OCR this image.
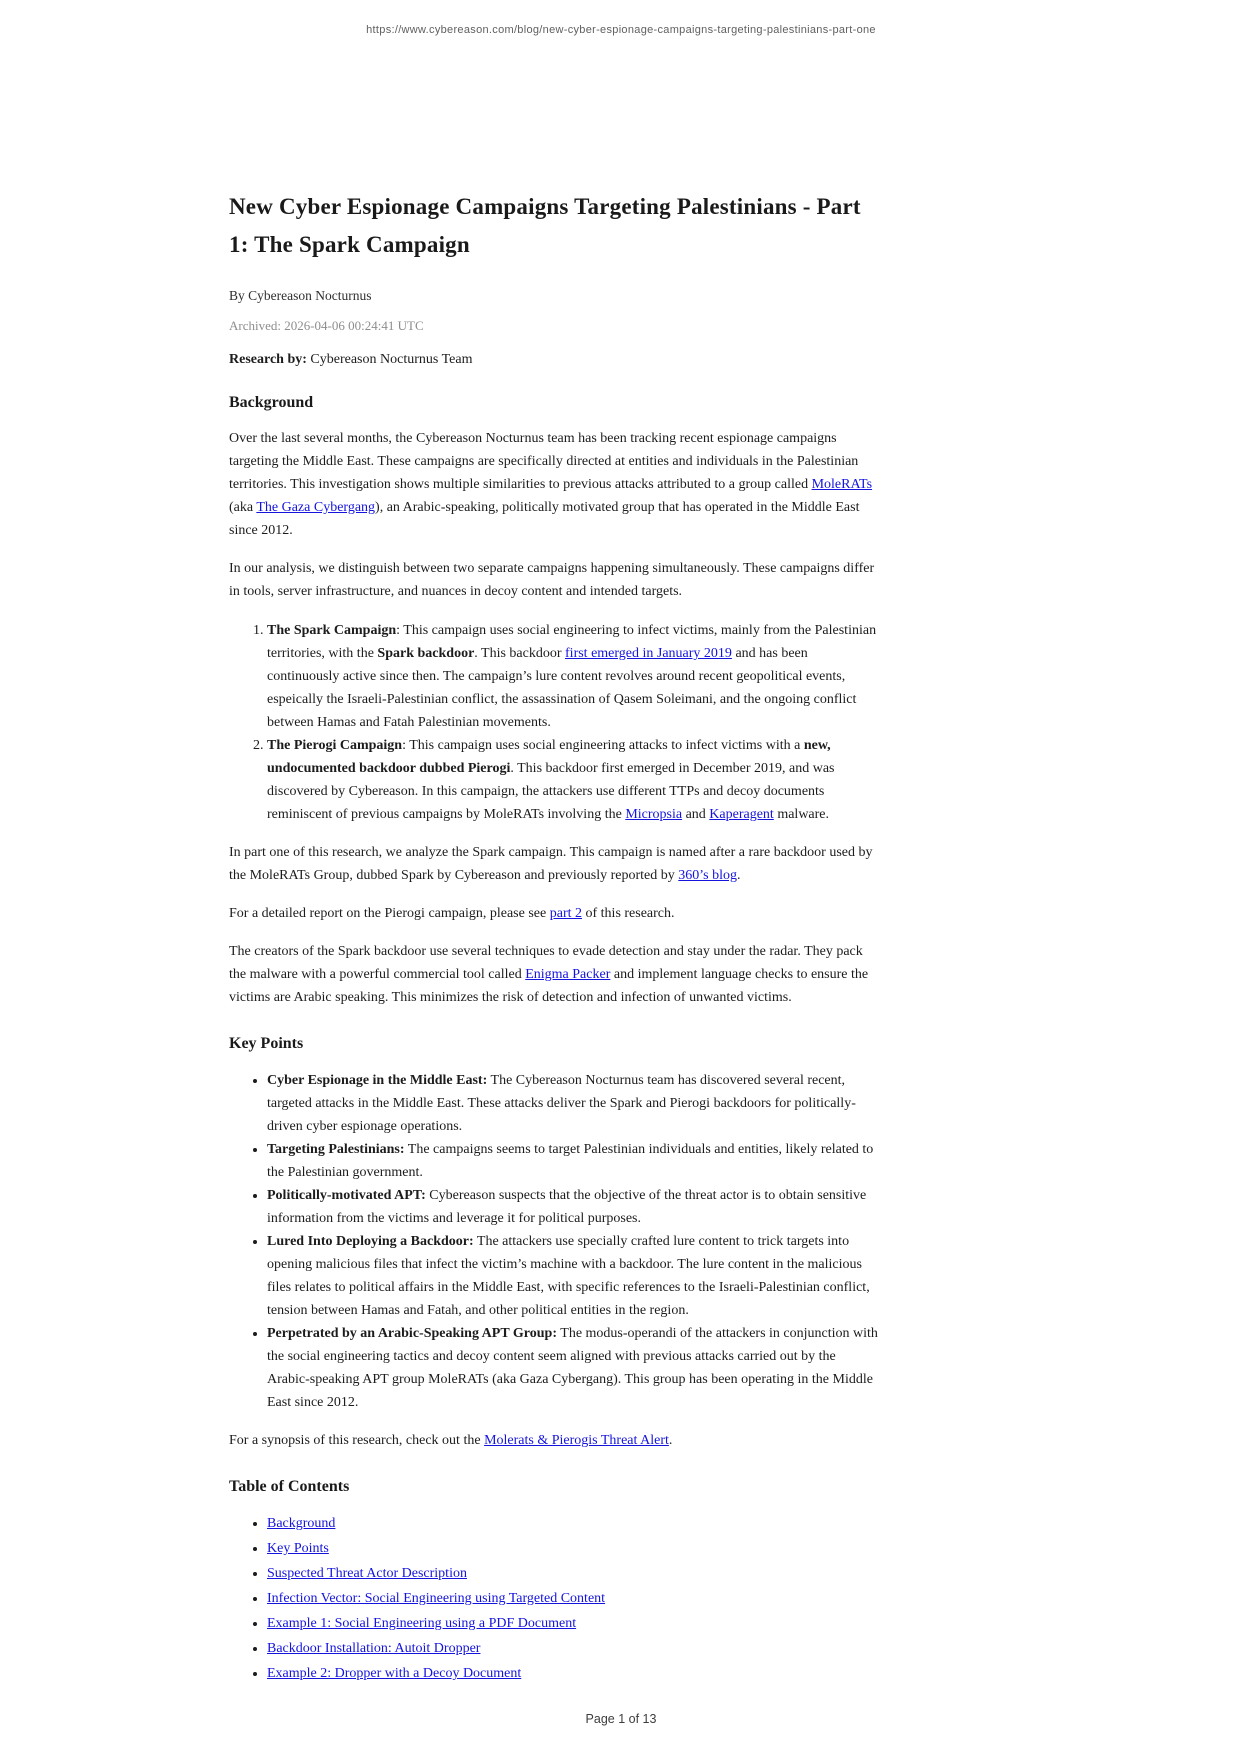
https://www.cybereason.com/blog/new-cyber-espionage-campaigns-targeting-palestinians-part-one
New Cyber Espionage Campaigns Targeting Palestinians - Part 1: The Spark Campaign
By Cybereason Nocturnus
Archived: 2026-04-06 00:24:41 UTC
Research by: Cybereason Nocturnus Team
Background

Over the last several months, the Cybereason Nocturnus team has been tracking recent espionage campaigns targeting the Middle East. These campaigns are specifically directed at entities and individuals in the Palestinian territories. This investigation shows multiple similarities to previous attacks attributed to a group called MoleRATs (aka The Gaza Cybergang), an Arabic-speaking, politically motivated group that has operated in the Middle East since 2012.

In our analysis, we distinguish between two separate campaigns happening simultaneously. These campaigns differ in tools, server infrastructure, and nuances in decoy content and intended targets.

1. The Spark Campaign: This campaign uses social engineering to infect victims, mainly from the Palestinian territories, with the Spark backdoor. This backdoor first emerged in January 2019 and has been continuously active since then. The campaign’s lure content revolves around recent geopolitical events, espeically the Israeli-Palestinian conflict, the assassination of Qasem Soleimani, and the ongoing conflict between Hamas and Fatah Palestinian movements.
2. The Pierogi Campaign: This campaign uses social engineering attacks to infect victims with a new, undocumented backdoor dubbed Pierogi. This backdoor first emerged in December 2019, and was discovered by Cybereason. In this campaign, the attackers use different TTPs and decoy documents reminiscent of previous campaigns by MoleRATs involving the Micropsia and Kaperagent malware.

In part one of this research, we analyze the Spark campaign. This campaign is named after a rare backdoor used by the MoleRATs Group, dubbed Spark by Cybereason and previously reported by 360’s blog.

For a detailed report on the Pierogi campaign, please see part 2 of this research.

The creators of the Spark backdoor use several techniques to evade detection and stay under the radar. They pack the malware with a powerful commercial tool called Enigma Packer and implement language checks to ensure the victims are Arabic speaking. This minimizes the risk of detection and infection of unwanted victims.

Key Points
• Cyber Espionage in the Middle East: The Cybereason Nocturnus team has discovered several recent, targeted attacks in the Middle East. These attacks deliver the Spark and Pierogi backdoors for politically-driven cyber espionage operations.
• Targeting Palestinians: The campaigns seems to target Palestinian individuals and entities, likely related to the Palestinian government.
• Politically-motivated APT: Cybereason suspects that the objective of the threat actor is to obtain sensitive information from the victims and leverage it for political purposes.
• Lured Into Deploying a Backdoor: The attackers use specially crafted lure content to trick targets into opening malicious files that infect the victim’s machine with a backdoor. The lure content in the malicious files relates to political affairs in the Middle East, with specific references to the Israeli-Palestinian conflict, tension between Hamas and Fatah, and other political entities in the region.
• Perpetrated by an Arabic-Speaking APT Group: The modus-operandi of the attackers in conjunction with the social engineering tactics and decoy content seem aligned with previous attacks carried out by the Arabic-speaking APT group MoleRATs (aka Gaza Cybergang). This group has been operating in the Middle East since 2012.

For a synopsis of this research, check out the Molerats & Pierogis Threat Alert.

Table of Contents
• Background
• Key Points
• Suspected Threat Actor Description
• Infection Vector: Social Engineering using Targeted Content
• Example 1: Social Engineering using a PDF Document
• Backdoor Installation: Autoit Dropper
• Example 2: Dropper with a Decoy Document
Page 1 of 13
